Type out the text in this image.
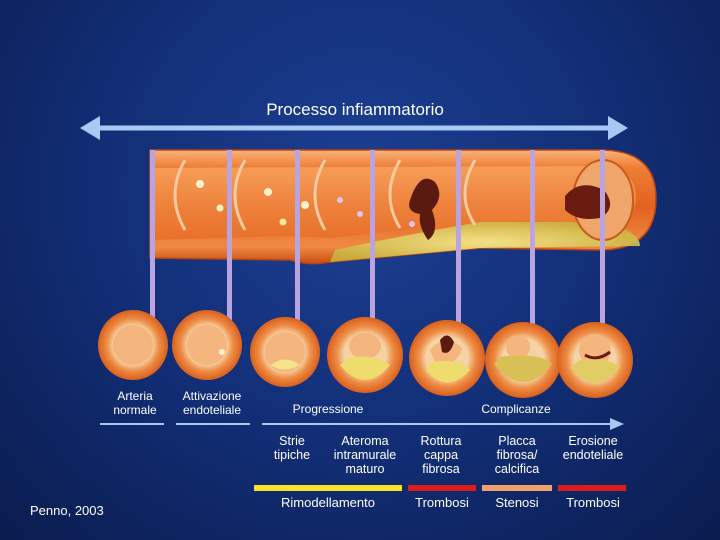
Processo infiammatorio
Arteria
normale
Attivazione
endoteliale	Progressione	Complicanze
Strie
tipiche
Ateroma
intramurale
maturo
Rottura
cappa
fibrosa
Placca
fibrosa/
calcifica
Erosione
endoteliale
Rimodellamento	Trombosi	Stenosi	Trombosi
Penno, 2003
